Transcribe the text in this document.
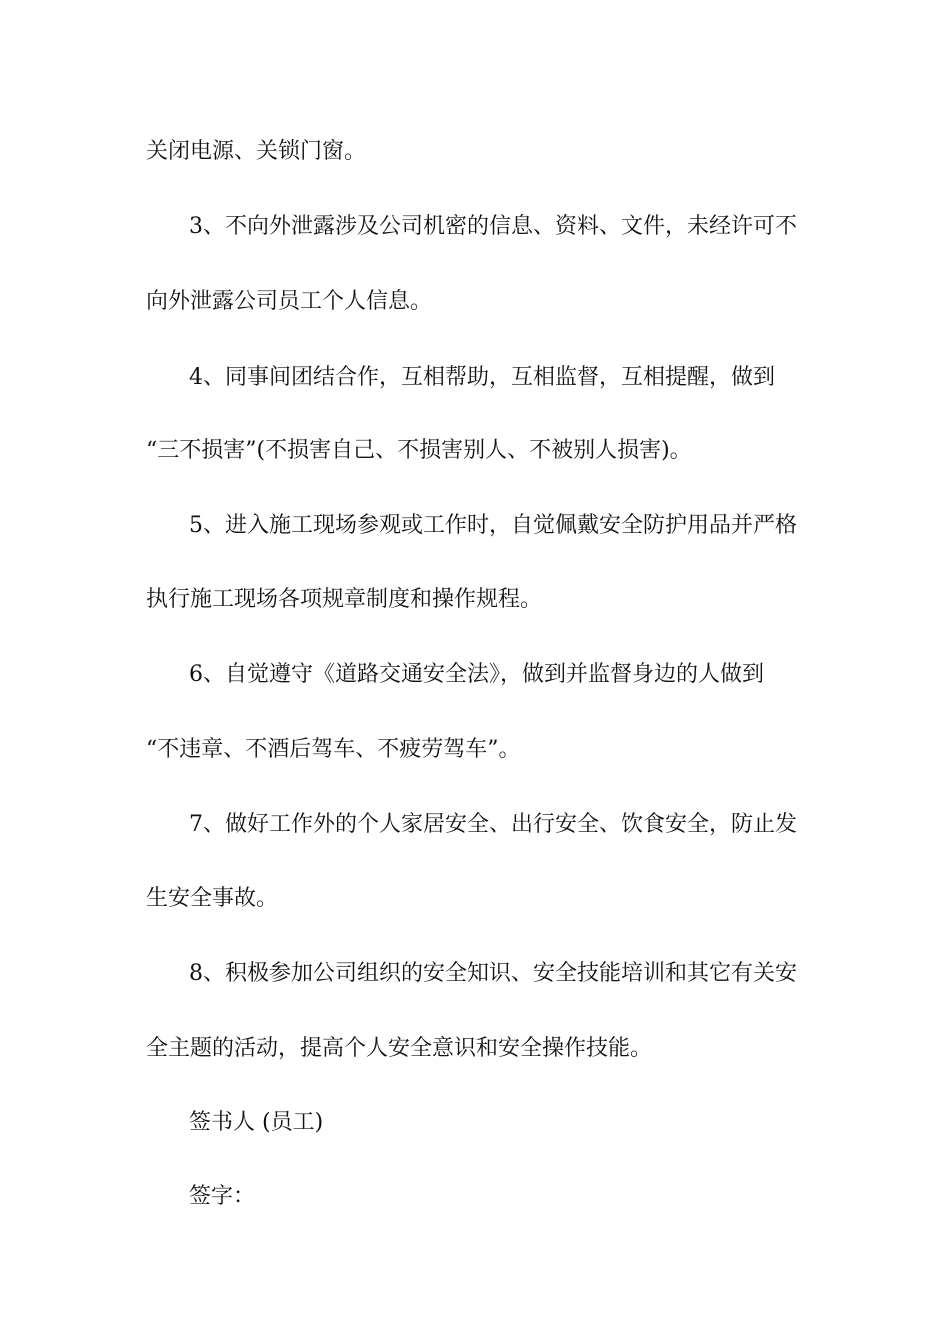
关闭电源、关锁门窗。
3、不向外泄露涉及公司机密的信息、资料、文件，未经许可不
向外泄露公司员工个人信息。
4、同事间团结合作，互相帮助，互相监督，互相提醒，做到
“三不损害”(不损害自己、不损害别人、不被别人损害)。
5、进入施工现场参观或工作时，自觉佩戴安全防护用品并严格
执行施工现场各项规章制度和操作规程。
6、自觉遵守《道路交通安全法》，做到并监督身边的人做到
“不违章、不酒后驾车、不疲劳驾车”。
7、做好工作外的个人家居安全、出行安全、饮食安全，防止发
生安全事故。
8、积极参加公司组织的安全知识、安全技能培训和其它有关安
全主题的活动，提高个人安全意识和安全操作技能。
签书人 (员工)
签字：
